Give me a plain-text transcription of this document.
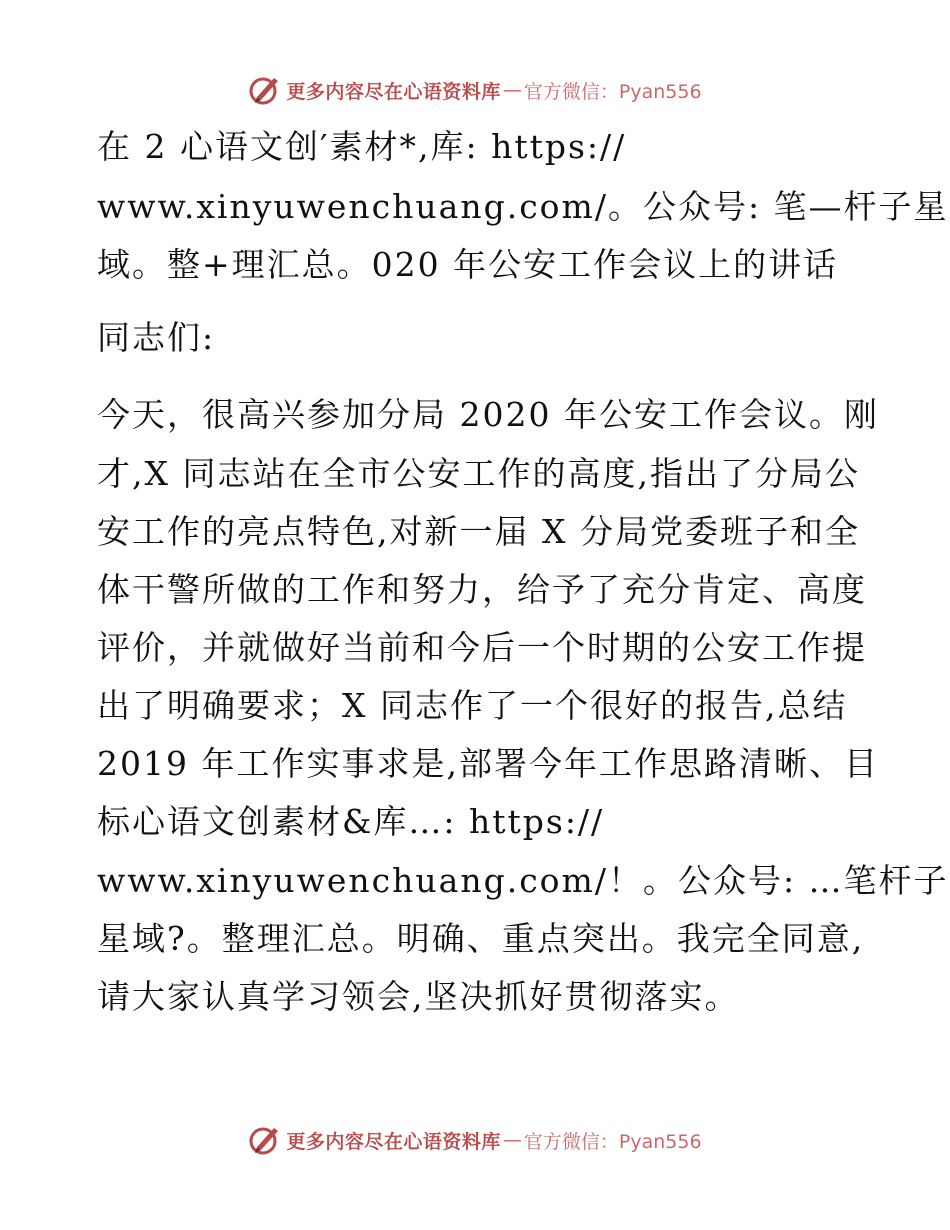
更多内容尽在心语资料库 — 官方微信：Pyan556
在 2 心语文创′素材*,库: https://
www.xinyuwenchuang.com/。公众号: 笔—杆子星
域。整+理汇总。020 年公安工作会议上的讲话
同志们:
今天，很高兴参加分局 2020 年公安工作会议。刚
才,X 同志站在全市公安工作的高度,指出了分局公
安工作的亮点特色,对新一届 X 分局党委班子和全
体干警所做的工作和努力，给予了充分肯定、高度
评价，并就做好当前和今后一个时期的公安工作提
出了明确要求；X 同志作了一个很好的报告,总结
2019 年工作实事求是,部署今年工作思路清晰、目
标心语文创素材&库…: https://
www.xinyuwenchuang.com/！。公众号: …笔杆子
星域?。整理汇总。明确、重点突出。我完全同意,
请大家认真学习领会,坚决抓好贯彻落实。
更多内容尽在心语资料库 — 官方微信：Pyan556
